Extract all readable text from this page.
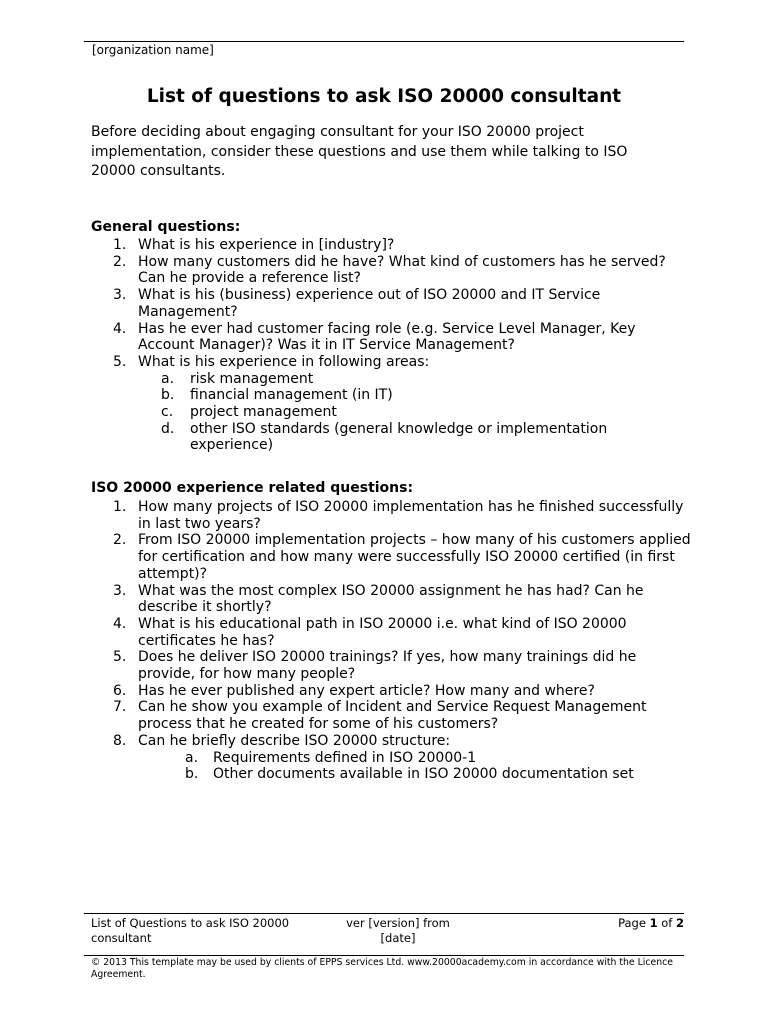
[organization name]
List of questions to ask ISO 20000 consultant
Before deciding about engaging consultant for your ISO 20000 project implementation, consider these questions and use them while talking to ISO 20000 consultants.
General questions:
1. What is his experience in [industry]?
2. How many customers did he have? What kind of customers has he served? Can he provide a reference list?
3. What is his (business) experience out of ISO 20000 and IT Service Management?
4. Has he ever had customer facing role (e.g. Service Level Manager, Key Account Manager)? Was it in IT Service Management?
5. What is his experience in following areas:
a. risk management
b. financial management (in IT)
c. project management
d. other ISO standards (general knowledge or implementation experience)
ISO 20000 experience related questions:
1. How many projects of ISO 20000 implementation has he finished successfully in last two years?
2. From ISO 20000 implementation projects – how many of his customers applied for certification and how many were successfully ISO 20000 certified (in first attempt)?
3. What was the most complex ISO 20000 assignment he has had? Can he describe it shortly?
4. What is his educational path in ISO 20000 i.e. what kind of ISO 20000 certificates he has?
5. Does he deliver ISO 20000 trainings? If yes, how many trainings did he provide, for how many people?
6. Has he ever published any expert article? How many and where?
7. Can he show you example of Incident and Service Request Management process that he created for some of his customers?
8. Can he briefly describe ISO 20000 structure:
a. Requirements defined in ISO 20000-1
b. Other documents available in ISO 20000 documentation set
List of Questions to ask ISO 20000 consultant
ver [version] from [date]
Page 1 of 2
© 2013 This template may be used by clients of EPPS services Ltd. www.20000academy.com in accordance with the Licence Agreement.
